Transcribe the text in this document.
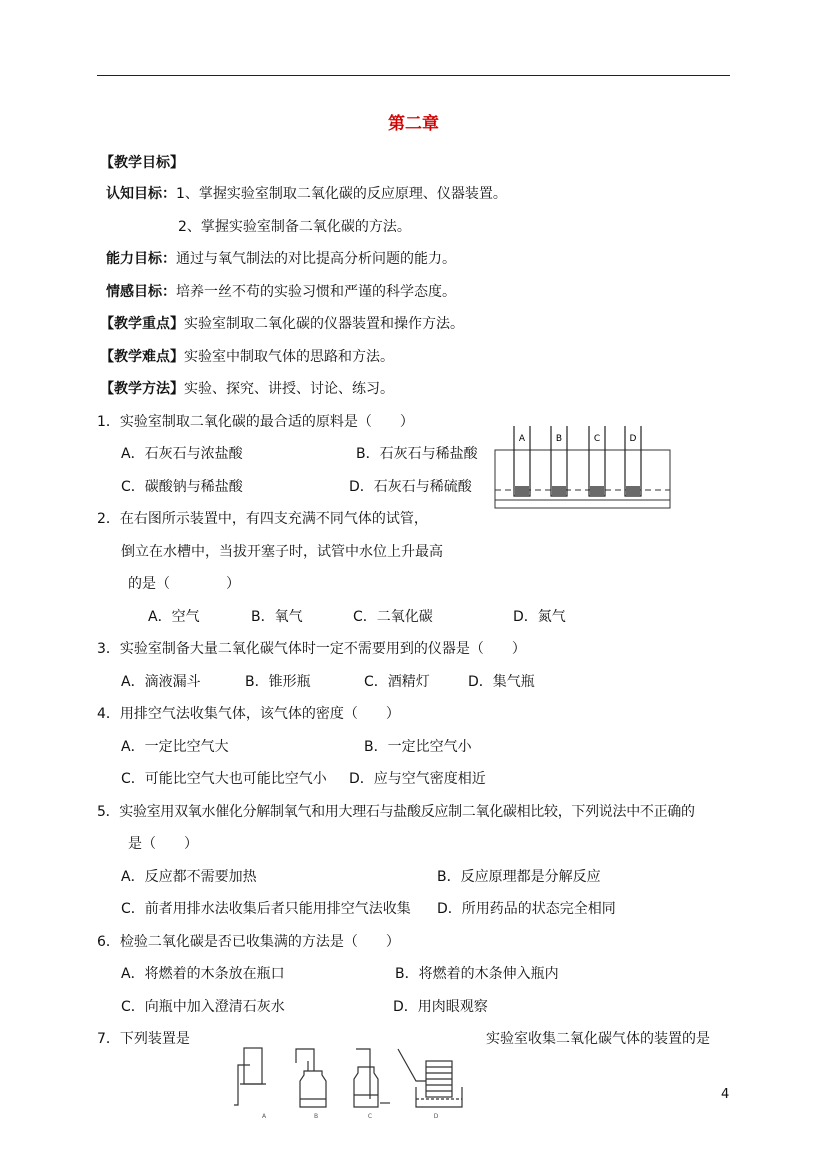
第二章
【教学目标】
认知目标：1、掌握实验室制取二氧化碳的反应原理、仪器装置。
2、掌握实验室制备二氧化碳的方法。
能力目标：通过与氧气制法的对比提高分析问题的能力。
情感目标：培养一丝不苟的实验习惯和严谨的科学态度。
【教学重点】实验室制取二氧化碳的仪器装置和操作方法。
【教学难点】实验室中制取气体的思路和方法。
【教学方法】实验、探究、讲授、讨论、练习。
1．实验室制取二氧化碳的最合适的原料是（　　）
A．石灰石与浓盐酸	B．石灰石与稀盐酸
C．碳酸钠与稀盐酸	D．石灰石与稀硫酸
A	B	C	D
2．在右图所示装置中，有四支充满不同气体的试管，
倒立在水槽中，当拔开塞子时，试管中水位上升最高
的是（　　　　）
A．空气	B．氧气	C．二氧化碳	D．氮气
3．实验室制备大量二氧化碳气体时一定不需要用到的仪器是（　　）
A．滴液漏斗	B．锥形瓶	C．酒精灯	D．集气瓶
4．用排空气法收集气体，该气体的密度（　　）
A．一定比空气大	B．一定比空气小
C．可能比空气大也可能比空气小 D．应与空气密度相近
5．实验室用双氧水催化分解制氧气和用大理石与盐酸反应制二氧化碳相比较，下列说法中不正确的
是（　　）
A．反应都不需要加热	B．反应原理都是分解反应
C．前者用排水法收集后者只能用排空气法收集 D．所用药品的状态完全相同
6．检验二氧化碳是否已收集满的方法是（　　）
A．将燃着的木条放在瓶口	B．将燃着的木条伸入瓶内
C．向瓶中加入澄清石灰水	D．用肉眼观察
7．下列装置是	实验室收集二氧化碳气体的装置的是
A	B	C	D
4
